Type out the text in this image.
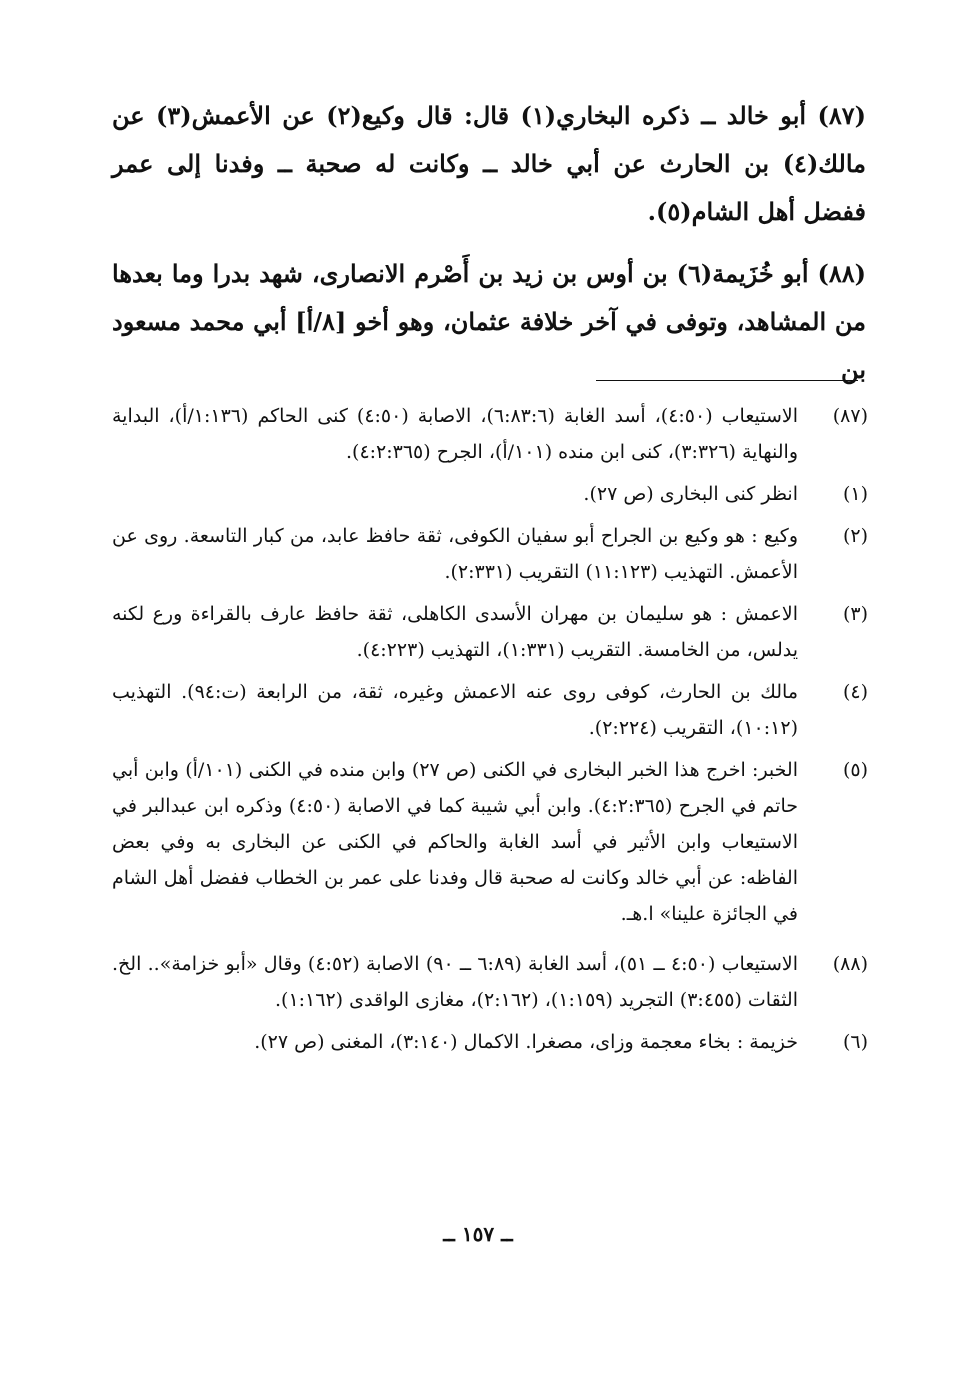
(٨٧) أبو خالد ــ ذكره البخاري(١) قال: قال وكيع(٢) عن الأعمش(٣) عن مالك(٤) بن الحارث عن أبي خالد ــ وكانت له صحبة ــ وفدنا إلى عمر ففضل أهل الشام(٥).

(٨٨) أبو خُزَيمة(٦) بن أوس بن زيد بن أَصْرم الانصارى، شهد بدرا وما بعدها من المشاهد، وتوفى في آخر خلافة عثمان، وهو أخو [٨/أ] أبي محمد مسعود بن

(٨٧)
الاستيعاب (٤:٥٠)، أسد الغابة (٦:٨٣:٦)، الاصابة (٤:٥٠) كنى الحاكم (١:١٣٦/أ)، البداية والنهاية (٣:٣٢٦)، كنى ابن منده (١٠١/أ)، الجرح (٤:٢:٣٦٥).
(١)
انظر كنى البخارى (ص ٢٧).
(٢)
وكيع : هو وكيع بن الجراح أبو سفيان الكوفى، ثقة حافظ عابد، من كبار التاسعة. روى عن الأعمش. التهذيب (١١:١٢٣) التقريب (٢:٣٣١).
(٣)
الاعمش : هو سليمان بن مهران الأسدى الكاهلى، ثقة حافظ عارف بالقراءة ورع لكنه يدلس، من الخامسة. التقريب (١:٣٣١)، التهذيب (٤:٢٢٣).
(٤)
مالك بن الحارث، كوفى روى عنه الاعمش وغيره، ثقة، من الرابعة (ت:٩٤). التهذيب (١٠:١٢)، التقريب (٢:٢٢٤).
(٥)
الخبر: اخرج هذا الخبر البخارى في الكنى (ص ٢٧) وابن منده في الكنى (١٠١/أ) وابن أبي حاتم في الجرح (٤:٢:٣٦٥). وابن أبي شيبة كما في الاصابة (٤:٥٠) وذكره ابن عبدالبر في الاستيعاب وابن الأثير في أسد الغابة والحاكم في الكنى عن البخارى به وفي بعض الفاظه: عن أبي خالد وكانت له صحبة قال وفدنا على عمر بن الخطاب ففضل أهل الشام في الجائزة علينا» ا.هـ.
(٨٨)
الاستيعاب (٤:٥٠ ــ ٥١)، أسد الغابة (٦:٨٩ ــ ٩٠) الاصابة (٤:٥٢) وقال «أبو خزامة».. الخ. الثقات (٣:٤٥٥) التجريد (١:١٥٩)، (٢:١٦٢)، مغازى الواقدى (١:١٦٢).
(٦)
خزيمة : بخاء معجمة وزاى، مصغرا. الاكمال (٣:١٤٠)، المغنى (ص ٢٧).
ــ ١٥٧ ــ
